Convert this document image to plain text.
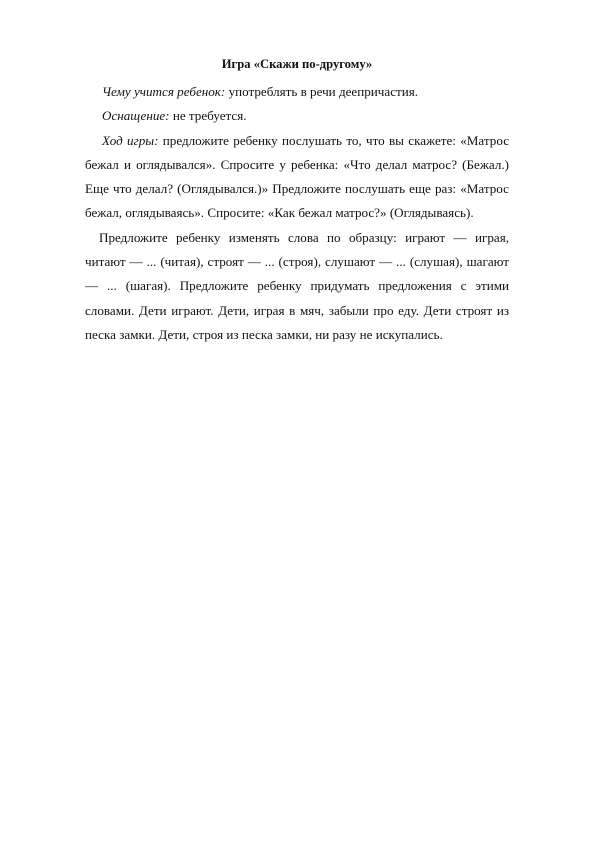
Игра «Скажи по-другому»

Чему учится ребенок: употреблять в речи деепричастия.

Оснащение: не требуется.

Ход игры: предложите ребенку послушать то, что вы скажете: «Матрос бежал и оглядывался». Спросите у ребенка: «Что делал матрос? (Бежал.) Еще что делал? (Оглядывался.)» Предложите послушать еще раз: «Матрос бежал, оглядываясь». Спросите: «Как бежал матрос?» (Оглядываясь).

Предложите ребенку изменять слова по образцу: играют — играя, читают — ... (читая), строят — ... (строя), слушают — ... (слушая), шагают — ... (шагая). Предложите ребенку придумать предложения с этими словами. Дети играют. Дети, играя в мяч, забыли про еду. Дети строят из песка замки. Дети, строя из песка замки, ни разу не искупались.
